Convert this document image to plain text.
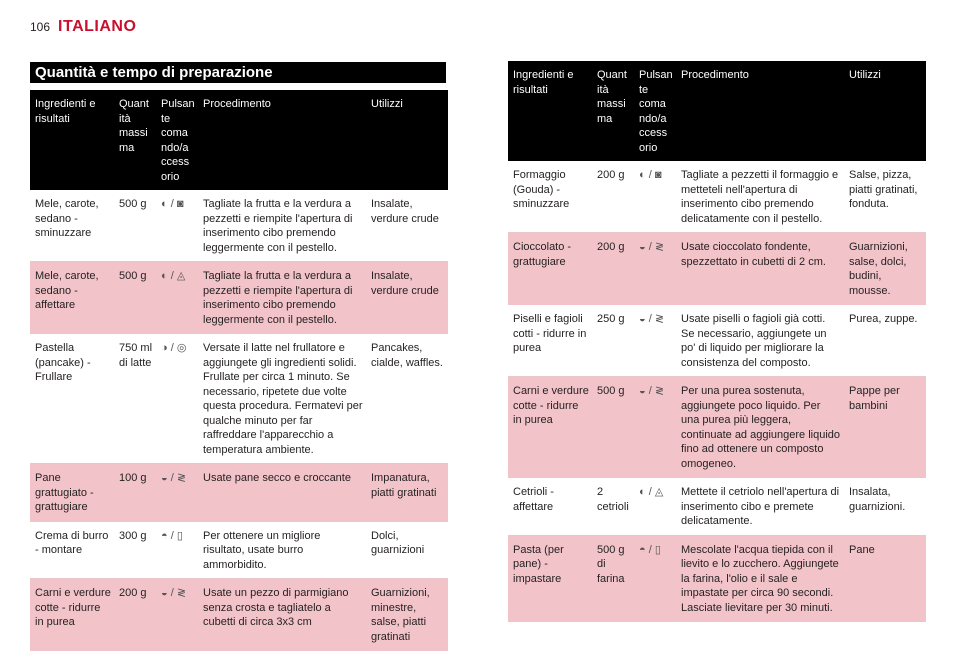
106 ITALIANO
Quantità e tempo di preparazione
Ingredienti e risultati	Quant ità massi ma	Pulsan te coma ndo/a ccess orio	Procedimento	Utilizzi
Mele, carote, sedano - sminuzzare	500 g	◐ / ◙	Tagliate la frutta e la verdura a pezzetti e riempite l'apertura di inserimento cibo premendo leggermente con il pestello.	Insalate, verdure crude
Mele, carote, sedano - affettare	500 g	◐ / ◬	Tagliate la frutta e la verdura a pezzetti e riempite l'apertura di inserimento cibo premendo leggermente con il pestello.	Insalate, verdure crude
Pastella (pancake) - Frullare	750 ml di latte	◑ / ◎	Versate il latte nel frullatore e aggiungete gli ingredienti solidi. Frullate per circa 1 minuto. Se necessario, ripetete due volte questa procedura. Fermatevi per qualche minuto per far raffreddare l'apparecchio a temperatura ambiente.	Pancakes, cialde, waffles.
Pane grattugiato - grattugiare	100 g	◒ / ≷	Usate pane secco e croccante	Impanatura, piatti gratinati
Crema di burro - montare	300 g	◓ / ▯	Per ottenere un migliore risultato, usate burro ammorbidito.	Dolci, guarnizioni
Carni e verdure cotte - ridurre in purea	200 g	◒ / ≷	Usate un pezzo di parmigiano senza crosta e tagliatelo a cubetti di circa 3x3 cm	Guarnizioni, minestre, salse, piatti gratinati
Ingredienti e risultati	Quant ità massi ma	Pulsan te coma ndo/a ccess orio	Procedimento	Utilizzi
Formaggio (Gouda) - sminuzzare	200 g	◐ / ◙	Tagliate a pezzetti il formaggio e metteteli nell'apertura di inserimento cibo premendo delicatamente con il pestello.	Salse, pizza, piatti gratinati, fonduta.
Cioccolato - grattugiare	200 g	◒ / ≷	Usate cioccolato fondente, spezzettato in cubetti di 2 cm.	Guarnizioni, salse, dolci, budini, mousse.
Piselli e fagioli cotti - ridurre in purea	250 g	◒ / ≷	Usate piselli o fagioli già cotti. Se necessario, aggiungete un po' di liquido per migliorare la consistenza del composto.	Purea, zuppe.
Carni e verdure cotte - ridurre in purea	500 g	◒ / ≷	Per una purea sostenuta, aggiungete poco liquido. Per una purea più leggera, continuate ad aggiungere liquido fino ad ottenere un composto omogeneo.	Pappe per bambini
Cetrioli - affettare	2 cetrioli	◐ / ◬	Mettete il cetriolo nell'apertura di inserimento cibo e premete delicatamente.	Insalata, guarnizioni.
Pasta (per pane) - impastare	500 g di farina	◓ / ▯	Mescolate l'acqua tiepida con il lievito e lo zucchero. Aggiungete la farina, l'olio e il sale e impastate per circa 90 secondi. Lasciate lievitare per 30 minuti.	Pane
